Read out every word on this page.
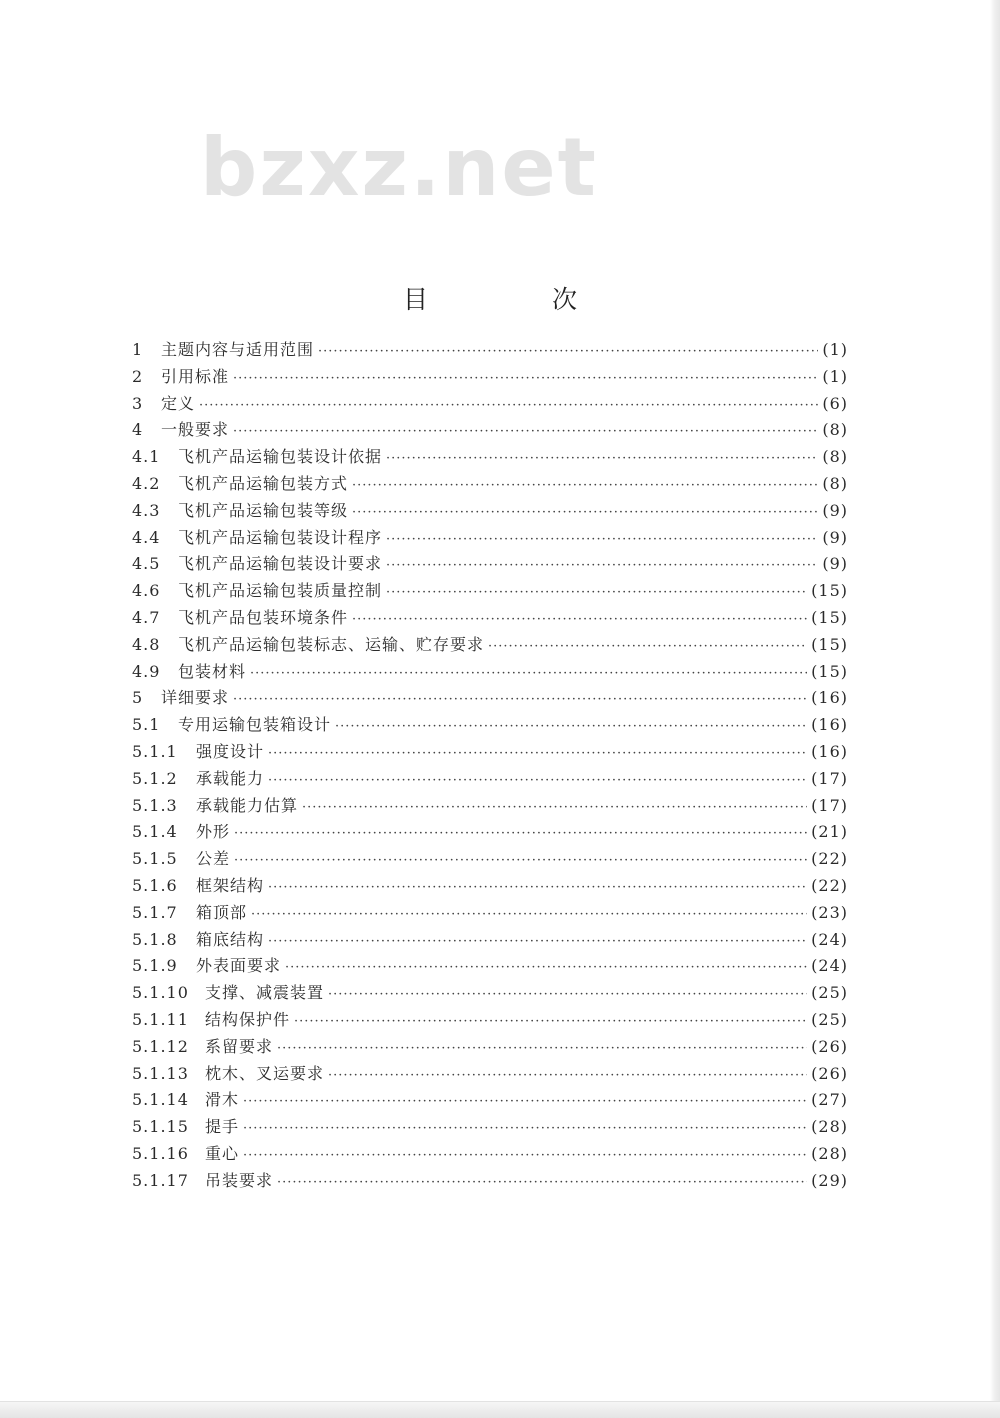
bzxz.net
目 次
1	主题内容与适用范围 ·····	(1)
2	引用标准 ·····	(1)
3	定义 ·····	(6)
4	一般要求 ·····	(8)
4.1	飞机产品运输包装设计依据 ·····	(8)
4.2	飞机产品运输包装方式 ·····	(8)
4.3	飞机产品运输包装等级 ·····	(9)
4.4	飞机产品运输包装设计程序 ·····	(9)
4.5	飞机产品运输包装设计要求 ·····	(9)
4.6	飞机产品运输包装质量控制 ·····	(15)
4.7	飞机产品包装环境条件 ·····	(15)
4.8	飞机产品运输包装标志、运输、贮存要求 ·····	(15)
4.9	包装材料 ·····	(15)
5	详细要求 ·····	(16)
5.1	专用运输包装箱设计 ·····	(16)
5.1.1	强度设计 ·····	(16)
5.1.2	承载能力 ·····	(17)
5.1.3	承载能力估算 ·····	(17)
5.1.4	外形 ·····	(21)
5.1.5	公差 ·····	(22)
5.1.6	框架结构 ·····	(22)
5.1.7	箱顶部 ·····	(23)
5.1.8	箱底结构 ·····	(24)
5.1.9	外表面要求 ·····	(24)
5.1.10	支撑、减震装置 ·····	(25)
5.1.11	结构保护件 ·····	(25)
5.1.12	系留要求 ·····	(26)
5.1.13	枕木、叉运要求 ·····	(26)
5.1.14	滑木 ·····	(27)
5.1.15	提手 ·····	(28)
5.1.16	重心 ·····	(28)
5.1.17	吊装要求 ·····	(29)
